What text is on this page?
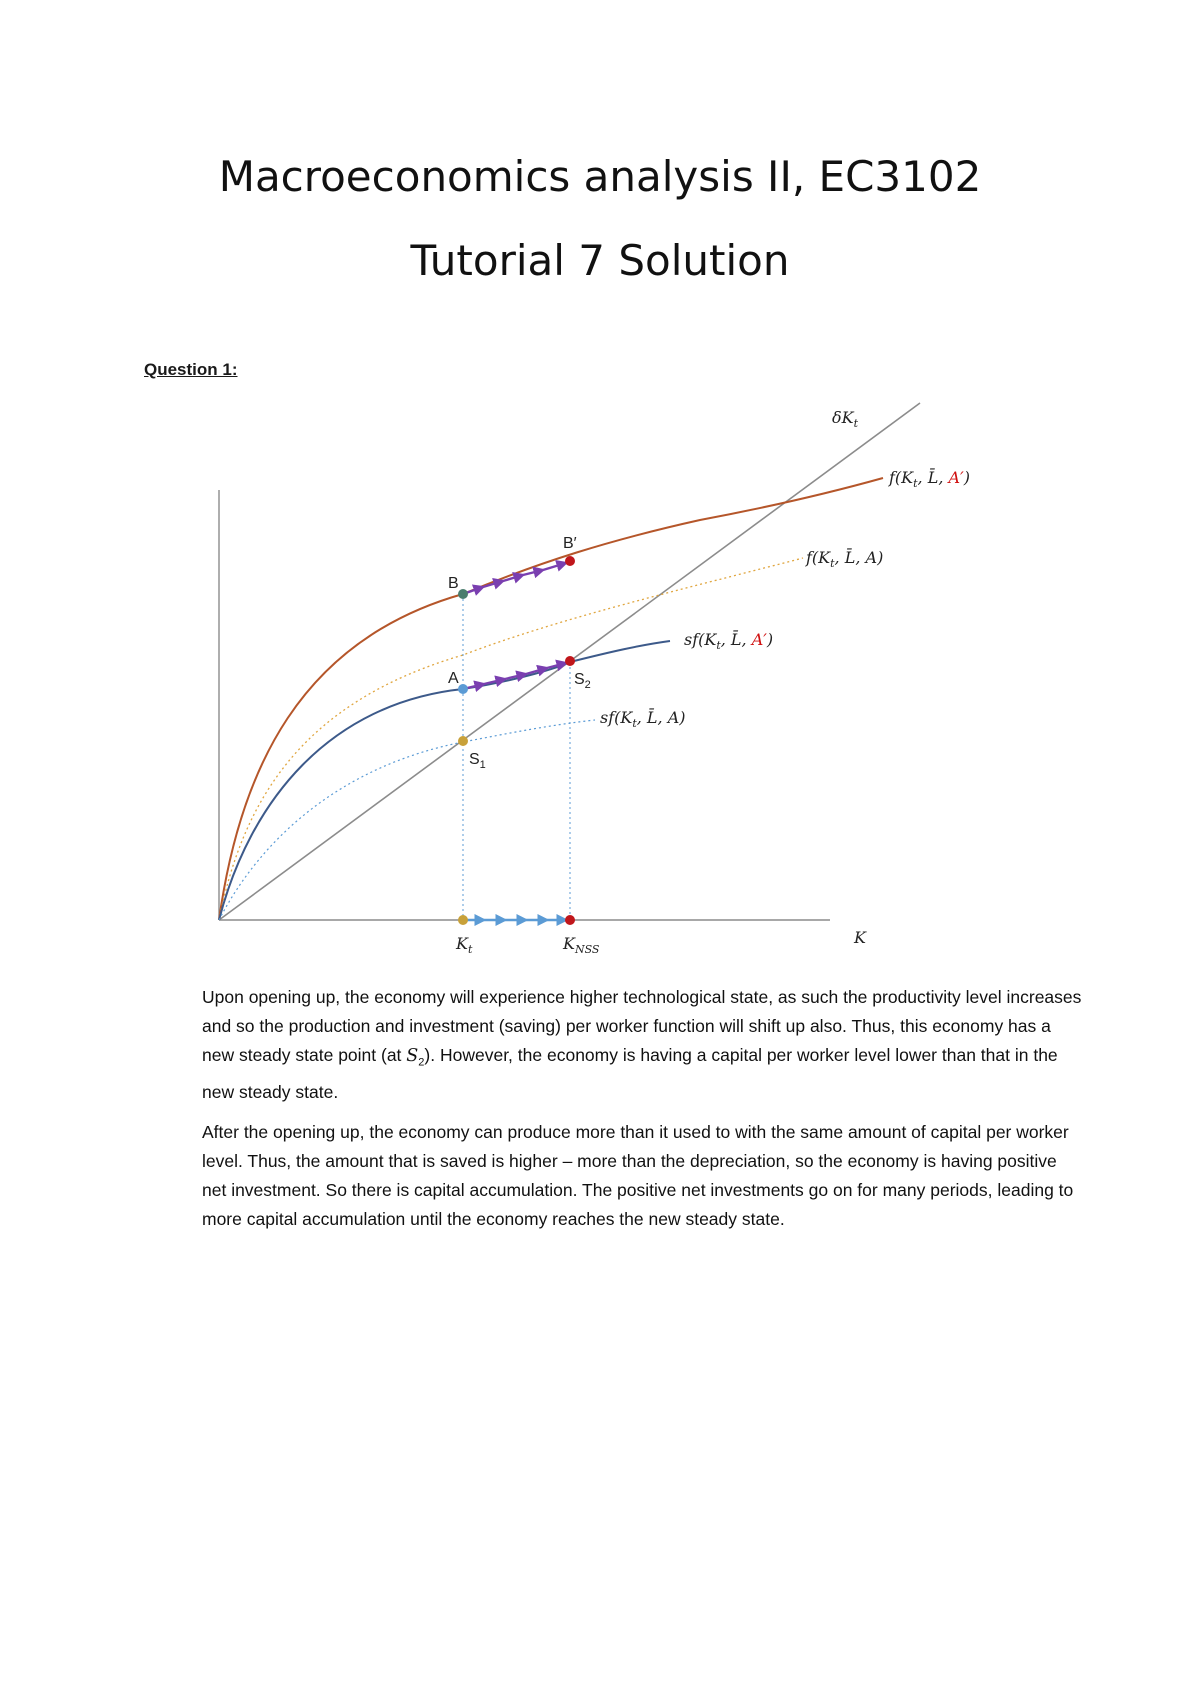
Macroeconomics analysis II, EC3102
Tutorial 7 Solution

Question 1:

B
B′
A	$S_2$
$S_1$
$\delta K_t$
$f(K_t$, L̄, A′)
$f(K_t$, L̄, A)
$sf(K_t$, L̄, A′)
$sf(K_t$, L̄, A)
$K_t$	$K_{NSS}$
K

Upon opening up, the economy will experience higher technological state, as such the productivity level increases and so the production and investment (saving) per worker function will shift up also. Thus, this economy has a new steady state point (at $S_2$). However, the economy is having a capital per worker level lower than that in the new steady state.

After the opening up, the economy can produce more than it used to with the same amount of capital per worker level. Thus, the amount that is saved is higher – more than the depreciation, so the economy is having positive net investment. So there is capital accumulation. The positive net investments go on for many periods, leading to more capital accumulation until the economy reaches the new steady state.
